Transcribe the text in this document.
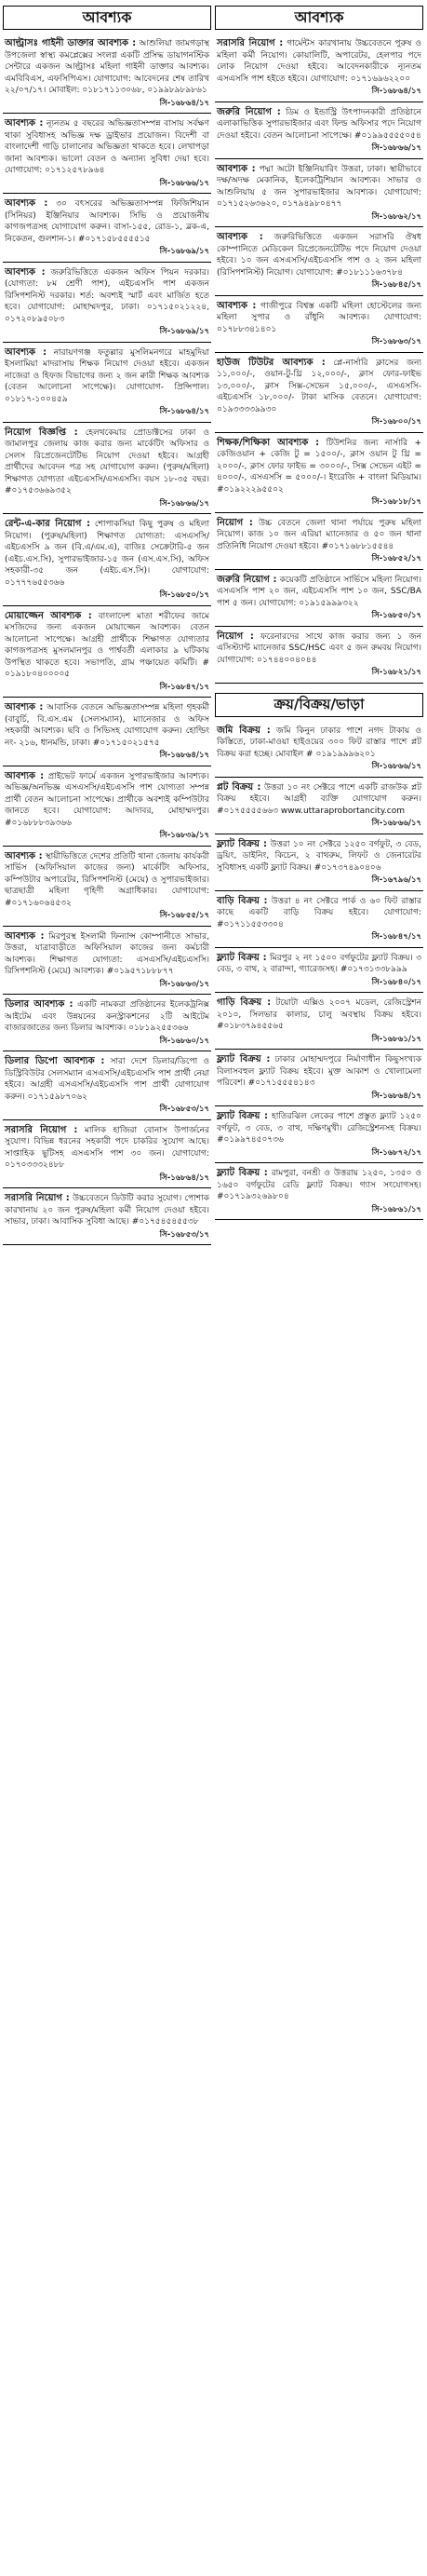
আবশ্যক
আল্ট্রাসঃ গাইনী ডাক্তার আবশ্যক : আশুলিয়া জামগড়াস্থ উপজেলা স্বাস্থ্য কমপ্লেক্সের সংলগ্ন একটি প্রসিদ্ধ ডায়াগনস্টিক সেন্টারে একজন আল্ট্রাসঃ মহিলা গাইনী ডাক্তার আবশ্যক। এমবিবিএস, এফসিপিএস। যোগাযোগ: আবেদনের শেষ তারিখ ২২/০৭/১৭। মোবাইল: ০১৮১৭১১৩০৬৮, ০১৯৯৮৯৮৯৮৬১
সি-১৬৮৬৪/১৭
আবশ্যক : ন্যূনতম ৫ বছরের অভিজ্ঞতাসম্পন্ন বাসায় সর্বক্ষণ থাকা সুবিধাসহ অভিজ্ঞ দক্ষ ড্রাইভার প্রয়োজন। বিদেশী বা বাংলাদেশী গাড়ি চালানোর অভিজ্ঞতা থাকতে হবে। লেখাপড়া জানা আবশ্যক। ভালো বেতন ও অন্যান্য সুবিধা দেয়া হবে। যোগাযোগ: ০১৭১২৫৭৮৯৬৪
সি-১৬৮৬৬/১৭
আবশ্যক : ৩০ বৎসরের অভিজ্ঞতাসম্পন্ন ফিজিশিয়ান (সিনিয়র) ইঞ্জিনিয়ার আবশ্যক। সিভি ও প্রয়োজনীয় কাগজপত্রসহ যোগাযোগ করুন। বাসা-১৫৫, রোড-১, ব্লক-এ, নিকেতন, গুলশান-১। #০১৭১৫৮৫৫৫৫১৫
সি-১৬৮৬৯/১৭
আবশ্যক : জরুরিভিত্তিতে একজন অফিস পিয়ন দরকার। (যোগ্যতা: ৮ম শ্রেণী পাশ), এইচএসসি পাশ একজন রিসিপশনিস্ট দরকার। শর্ত: অবশ্যই স্মার্ট এবং মার্জিত হতে হবে। যোগাযোগ: মোহাম্মদপুর, ঢাকা। ০১৭১৫০২১২২৪, ০১৭২০৮৯৫০৮৩
সি-১৬৮৬৯/১৭
আবশ্যক : নারায়ণগঞ্জ ফতুল্লার মুসলিমনগরে মাহমুদিয়া ইসলামিয়া মাদরাসায় শিক্ষক নিয়োগ দেওয়া হইবে। একজন নাজেরা ও হিফজ বিভাগের জন্য ২ জন ক্বারী শিক্ষক আবশ্যক (বেতন আলোচনা সাপেক্ষে)। যোগাযোগ- প্রিন্সিপাল। ০১৮১৭-১০০৪৫৯
সি-১৬৮৬৪/১৭
নিয়োগ বিজ্ঞপ্তি : হেলথকেয়ার প্রোডাক্টসের ঢাকা ও জামালপুর জেলায় কাজ করার জন্য মার্কেটিং অফিসার ও সেলস রিপ্রেজেনটেটিভ নিয়োগ দেওয়া হইবে। আগ্রহী প্রার্থীদের আবেদন পত্র সহ যোগাযোগ করুন। (পুরুষ/মহিলা) শিক্ষাগত যোগ্যতা এইচএসসি/এসএসসি। বয়স ১৮-৩৫ বছর। #০১৭৫৩৬৬৯৩৫২
সি-১৬৮৬৬/১৭
রেন্ট-এ-কার নিয়োগ : শোপাকসিয়া কিছু পুরুষ ও মহিলা নিয়োগ। (পুরুষ/মহিলা) শিক্ষাগত যোগ্যতা: এসএসসি/এইচএসসি ৯ জন (বি.এ/এম.এ), বাজিঃ সেক্রেটারি-৫ জন (এইচ.এস.সি), সুপারভাইজার-১৫ জন (এস.এস.সি), অফিস সহকারী-৩৫ জন (এইচ.এস.সি)। যোগাযোগ: ০১৭৭৭৬৫৫৩৬৬
সি-১৬৮৫০/১৭
মোয়াজ্জেন আবশ্যক : বাংলাদেশ মাতা শরীফের জামে মসজিদের জন্য একজন মোয়াজ্জেন আবশ্যক। বেতন আলোচনা সাপেক্ষে। আগ্রহী প্রার্থীকে শিক্ষাগত যোগ্যতার কাগজপত্রসহ মুসলমানপুর ও পার্শ্ববর্তী এলাকার ৯ ঘটিকায় উপস্থিত থাকতে হবে। সভাপতি, গ্রাম পঞ্চায়েত কমিটি। # ০১৯১৮০৪০০০০৫
সি-১৬৮৪৭/১৭
আবশ্যক : আবাসিক বেতনে অভিজ্ঞতাসম্পন্ন মহিলা গৃহকর্মী (বাবুর্চি, বি.এস.এম (সেলসম্যান), ম্যানেজার ও অফিস সহকারী আবশ্যক। ছবি ও সিভিসহ যোগাযোগ করুন। হোল্ডিং নং- ২১৬, ধানমন্ডি, ঢাকা। #০১৭১৫০২১৫৭৫
সি-১৬৮৬৪/১৭
আবশ্যক : প্রাইভেট ফার্মে একজন সুপারভাইজার আবশ্যক। অভিজ্ঞ/অনভিজ্ঞ এসএসসি/এইচএসসি পাশ যোগ্যতা সম্পন্ন প্রার্থী বেতন আলোচনা সাপেক্ষে। প্রার্থীকে অবশ্যই কম্পিউটার জানতে হবে। যোগাযোগ: আদাবর, মোহাম্মদপুর। #০১৬৮৮৮৩৯৩৬৬
সি-১৬৮৩৯/১৭
আবশ্যক : স্থায়ীভিত্তিতে দেশের প্রতিটি থানা জেলায় কার্যকরী সার্ভিস (অফিসিয়াল কাজের জন্য) মার্কেটিং অফিসার, কম্পিউটার অপারেটর, রিসিপশনিস্ট (মেয়ে) ও সুপারভাইজার। ছাত্রছাত্রী মহিলা গৃহিণী অগ্রাধিকার। যোগাযোগ: #০১৭১৬০৬৪৫৩২
সি-১৬৮৫৫/১৭
আবশ্যক : মিরপুরস্থ ইসলামী ফিন্যান্স কোম্পানীতে সাভার, উত্তরা, যাত্রাবাড়ীতে অফিসিয়াল কাজের জন্য কর্মচারী আবশ্যক। শিক্ষাগত যোগ্যতা: এসএসসি/এইচএসসি। রিসিপশনিস্ট (মেয়ে) আবশ্যক। #০১৯৫৭১৮৮৮৭৭
সি-১৬৮৬৩/১৭
ডিলার আবশ্যক : একটি নামকরা প্রতিষ্ঠানের ইলেকট্রনিক্স আইটেম এবং উন্নয়নের কনস্ট্রাকশনের ২টি আইটেম বাজারজাতের জন্য ডিলার আবশ্যক। ০১৮১৯২৫৫৩৬৬
সি-১৬৮৬০/১৭
ডিলার ডিপো আবশ্যক : সারা দেশে ডিলার/ডিপো ও ডিস্ট্রিবিউটর সেলসম্যান এসএসসি/এইচএসসি পাশ প্রার্থী নেয়া হইবে। আগ্রহী এসএসসি/এইচএসসি পাশ প্রার্থী যোগাযোগ করুন। ০১৭১৫৯৮৭০৬২
সি-১৬৮৫৩/১৭
সরাসরি নিয়োগ : মালিক হাজিরা বোনাস উপার্জনের সুযোগ। বিভিন্ন ধরনের সহকারী পদে চাকরির সুযোগ আছে। সাপ্তাহিক ছুটিসহ এসএসসি পাশ ৩০ জন। যোগাযোগ: ০১৭০৩৩৩২৪৮৮
সি-১৬৮৬৪/১৭
সরাসরি নিয়োগ : উচ্চবেতনে ডিউটি করার সুযোগ। পোশাক কারখানায় ২০ জন পুরুষ/মহিলা কর্মী নিয়োগ দেওয়া হইবে। সাভার, ঢাকা। আবাসিক সুবিধা আছে। #০১৭৫৪৫৪৫৫৩৮
সি-১৬৮৫৩/১৭
আবশ্যক
সরাসরি নিয়োগ : গার্মেন্টস কারখানায় উচ্চবেতনে পুরুষ ও মহিলা কর্মী নিয়োগ। কোয়ালিটি, অপারেটর, হেলপার পদে লোক নিয়োগ দেওয়া হইবে। আবেদনকারীকে ন্যূনতম এসএসসি পাশ হইতে হইবে। যোগাযোগ: ০১৭১৬৯৬২২০০
সি-১৬৮৬৪/১৭
জরুরি নিয়োগ : ডিম ও ইন্ডাস্ট্রি উৎপাদনকারী প্রতিষ্ঠানে এলাকাভিত্তিক সুপারভাইজার এবং ফিল্ড অফিসার পদে নিয়োগ দেওয়া হইবে। বেতন আলোচনা সাপেক্ষে। #০১৯৯৫৫৫৫০৫৪
সি-১৬৮৬৬/১৭
আবশ্যক : পদ্মা অটো ইঞ্জিনিয়ারিং উত্তরা, ঢাকা। স্থায়ীভাবে দক্ষ/অদক্ষ মেকানিক, ইলেকট্রিশিয়ান আবশ্যক। সাভার ও আশুলিয়ায় ৫ জন সুপারভাইজার আবশ্যক। যোগাযোগ: ০১৭১৫২৬৩৬২০, ০১৭৯৪৯৮০৪৭৭
সি-১৬৮৬২/১৭
আবশ্যক : জরুরিভিত্তিতে একজন সরাসরি ঔষধ কোম্পানিতে মেডিকেল রিপ্রেজেনটেটিভ পদে নিয়োগ দেওয়া হইবে। ১০ জন এসএসসি/এইচএসসি পাশ ও ২ জন মহিলা (রিসিপশনিস্ট) নিয়োগ। যোগাযোগ: #০১৮১১১৬৩৭৮৪
সি-১৬৮৪৫/১৭
আবশ্যক : গাজীপুরে বিশ্বস্ত একটি মহিলা হোস্টেলের জন্য মহিলা সুপার ও রাঁধুনি আবশ্যক। যোগাযোগ: ০১৭৮৮৩৪১৪০১
সি-১৬৮৬৩/১৭
হাউজ টিউটর আবশ্যক : প্লে-নার্সারি ক্লাসের জন্য ১১,০০০/-, ওয়ান-টু-থ্রি ১২,০০০/-, ক্লাস ফোর-ফাইভ ১৩,০০০/-, ক্লাস সিক্স-সেভেন ১৫,০০০/-, এসএসসি-এইচএসসি ১৮,০০০/- টাকা মাসিক বেতনে। যোগাযোগ: ০১৯৩৩৩৩৯৯৩০
সি-১৬৮০০/১৭
শিক্ষক/শিক্ষিকা আবশ্যক : টিউশনির জন্য নার্সারি + কেজিওয়ান + কেজি টু = ১৫০০/-, ক্লাস ওয়ান টু থ্রি = ২০০০/-, ক্লাস ফোর ফাইভ = ৩০০০/-, সিক্স সেভেন এইট = ৪০০০/-, এসএসসি = ৫০০০/-। ইংরেজি + বাংলা মিডিয়াম। #০১৯২২২৯৫৫০২
সি-১৬৮১৮/১৭
নিয়োগ : উচ্চ বেতনে জেলা থানা পর্যায়ে পুরুষ মহিলা নিয়োগ। কাজ ১০ জন এরিয়া ম্যানেজার ও ৫০ জন থানা প্রতিনিধি নিয়োগ দেওয়া হইবে। #০১৭১৬৮৮১৫৫৪৪
সি-১৬৮৫২/১৭
জরুরি নিয়োগ : কয়েকটি প্রতিষ্ঠানে সার্ভিসে মহিলা নিয়োগ। এসএসসি পাশ ২০ জন, এইচএসসি পাশ ১০ জন, SSC/BA পাশ ৫ জন। যোগাযোগ: ০১৯১৫৯৯৯৩২২
সি-১৬৮৫০/১৭
নিয়োগ : ফরেনারদের সাথে কাজ করার জন্য ১ জন এসিস্ট্যান্ট ম্যানেজার SSC/HSC এবং ৫ জন রুমবয় নিয়োগ। যোগাযোগ: ০১৭৪৪০০৪০৪৪
সি-১৬৮২১/১৭
ক্রয়/বিক্রয়/ভাড়া
জমি বিক্রয় : জমি কিনুন ঢাকার পাশে নগদ টাকায় ও কিস্তিতে, ঢাকা-মাওয়া হাইওয়ের ৩০০ ফিট রাস্তার পাশে প্লট বিক্রয় করা হচ্ছে। মোবাইল # ০১৯১৯৯৯৬২০১
সি-১৬৮৬৬/১৭
প্লট বিক্রয় : উত্তরা ১০ নং সেক্টরে পাশে একটি রাজউক প্লট বিক্রয় হইবে। আগ্রহী ব্যক্তি যোগাযোগ করুন। #০১৭৫৫৫৫৬৬৩ www.uttaraprobortancity.com
সি-১৬৮৬৬/১৭
ফ্ল্যাট বিক্রয় : উত্তরা ১০ নং সেক্টরে ১২৫০ বর্গফুট, ৩ বেড, ড্রয়িং, ডাইনিং, কিচেন, ২ বাথরুম, লিফট ও জেনারেটর সুবিধাসহ একটি ফ্ল্যাট বিক্রয়। #০১৭৩৭৪৯০৪০৬
সি-১৬৭৯৬/১৭
বাড়ি বিক্রয় : উত্তরা ৪ নং সেক্টরে পার্ক ও ৬০ ফিট রাস্তার কাছে একটি বাড়ি বিক্রয় হইবে। যোগাযোগ: #০১৭১১৫৫৩৩০৪
সি-১৬৮৪৭/১৭
ফ্ল্যাট বিক্রয় : মিরপুর ২ নং ১৫০০ বর্গফুটের ফ্ল্যাট বিক্রয়। ৩ বেড, ৩ বাথ, ২ বারান্দা, গ্যারেজসহ। #০১৭৩১৩৩৮৯৯৯
সি-১৬৮৪০/১৭
গাড়ি বিক্রয় : টয়োটা এক্সিও ২০০৭ মডেল, রেজিস্ট্রেশন ২০১০, সিলভার কালার, চালু অবস্থায় বিক্রয় হইবে। #০১৮৩৭৯৪৫৫৬৫
সি-১৬৮৬১/১৭
ফ্ল্যাট বিক্রয় : ঢাকার মোহাম্মদপুরে নির্মাণাধীন কিছুসংখ্যক বিলাসবহুল ফ্ল্যাট বিক্রয় হইবে। মুক্ত আকাশ ও খোলামেলা পরিবেশ। #০১৭১৫৫৫৪১৪৩
সি-১৬৮৬৪/১৭
ফ্ল্যাট বিক্রয় : হাতিরঝিল লেকের পাশে প্রস্তুত ফ্ল্যাট ১২৫০ বর্গফুট, ৩ বেড, ৩ বাথ, দক্ষিণমুখী। রেজিস্ট্রেশনসহ বিক্রয়। #০১৯৯৭৪৫০৭৩৬
সি-১৬৮৭২/১৭
ফ্ল্যাট বিক্রয় : রামপুরা, বনশ্রী ও উত্তরায় ১২৫০, ১৩৫০ ও ১৬৫০ বর্গফুটের রেডি ফ্ল্যাট বিক্রয়। গ্যাস সংযোগসহ। #০১৭১৯৩২৬৯৮০৪
সি-১৬৮৬১/১৭
